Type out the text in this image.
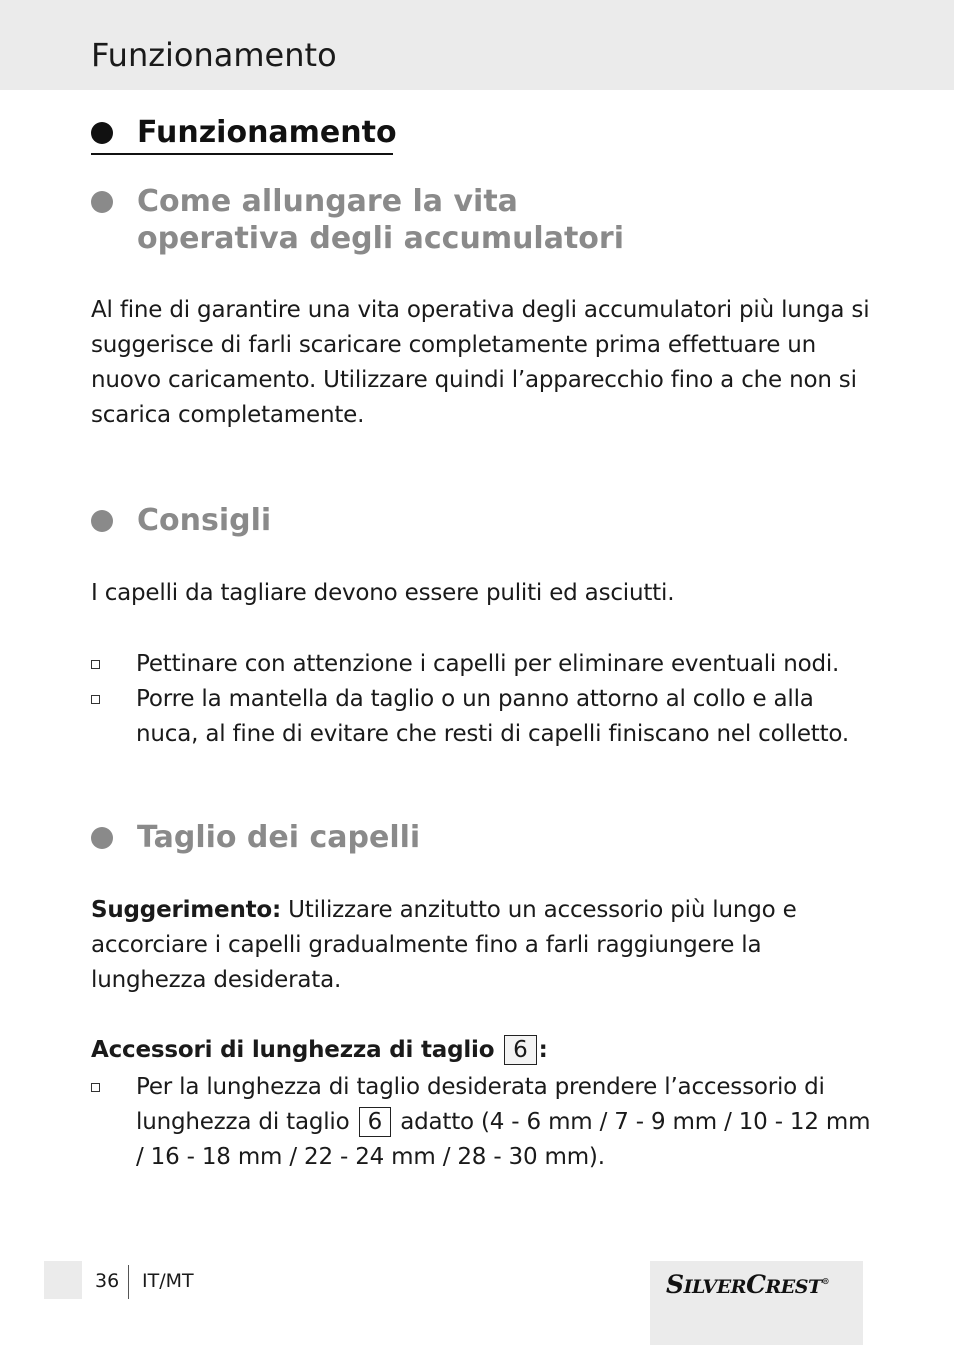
Funzionamento
Funzionamento
Come allungare la vita
operativa degli accumulatori

Al fine di garantire una vita operativa degli accumulatori più lunga si suggerisce di farli scaricare completamente prima effettuare un nuovo caricamento. Utilizzare quindi l’apparecchio fino a che non si scarica completamente.

Consigli

I capelli da tagliare devono essere puliti ed asciutti.

Pettinare con attenzione i capelli per eliminare eventuali nodi.
Porre la mantella da taglio o un panno attorno al collo e alla nuca, al fine di evitare che resti di capelli finiscano nel colletto.
Taglio dei capelli

Suggerimento: Utilizzare anzitutto un accessorio più lungo e accorciare i capelli gradualmente fino a farli raggiungere la lunghezza desiderata.

Accessori di lunghezza di taglio 6 :

Per la lunghezza di taglio desiderata prendere l’accessorio di lunghezza di taglio 6 adatto (4 - 6 mm / 7 - 9 mm / 10 - 12 mm / 16 - 18 mm / 22 - 24 mm / 28 - 30 mm).
36 IT/MT	SILVERCREST®
